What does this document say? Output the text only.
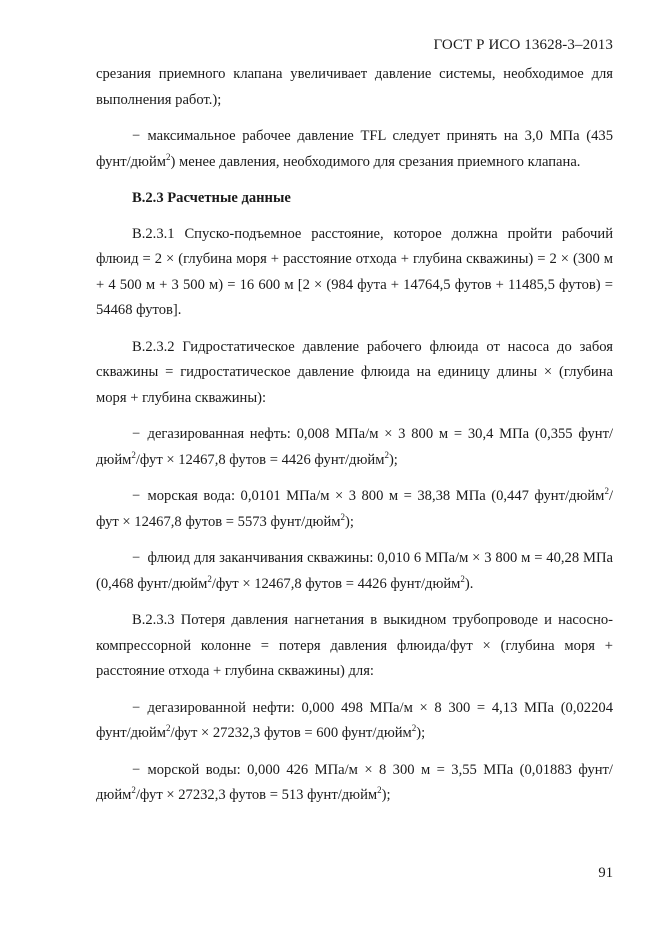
ГОСТ Р ИСО 13628-3–2013

срезания приемного клапана увеличивает давление системы, необходимое для выполнения работ.);

− максимальное рабочее давление TFL следует принять на 3,0 МПа (435 фунт/дюйм$^2$) менее давления, необходимого для срезания приемного клапана.

В.2.3 Расчетные данные

В.2.3.1 Спуско-подъемное расстояние, которое должна пройти рабочий флюид = 2 × (глубина моря + расстояние отхода + глубина скважины) = 2 × (300 м + 4 500 м + 3 500 м) = 16 600 м [2 × (984 фута + 14764,5 футов + 11485,5 футов) = 54468 футов].

В.2.3.2 Гидростатическое давление рабочего флюида от насоса до забоя скважины = гидростатическое давление флюида на единицу длины × (глубина моря + глубина скважины):

− дегазированная нефть: 0,008 МПа/м × 3 800 м = 30,4 МПа (0,355 фунт/дюйм$^2$/фут × 12467,8 футов = 4426 фунт/дюйм$^2$);

− морская вода: 0,0101 МПа/м × 3 800 м = 38,38 МПа (0,447 фунт/дюйм$^2$/фут × 12467,8 футов = 5573 фунт/дюйм$^2$);

− флюид для заканчивания скважины: 0,010 6 МПа/м × 3 800 м = 40,28 МПа (0,468 фунт/дюйм$^2$/фут × 12467,8 футов = 4426 фунт/дюйм$^2$).

В.2.3.3 Потеря давления нагнетания в выкидном трубопроводе и насосно-компрессорной колонне = потеря давления флюида/фут × (глубина моря + расстояние отхода + глубина скважины) для:

− дегазированной нефти: 0,000 498 МПа/м × 8 300 = 4,13 МПа (0,02204 фунт/дюйм$^2$/фут × 27232,3 футов = 600 фунт/дюйм$^2$);

− морской воды: 0,000 426 МПа/м × 8 300 м = 3,55 МПа (0,01883 фунт/дюйм$^2$/фут × 27232,3 футов = 513 фунт/дюйм$^2$);

91
